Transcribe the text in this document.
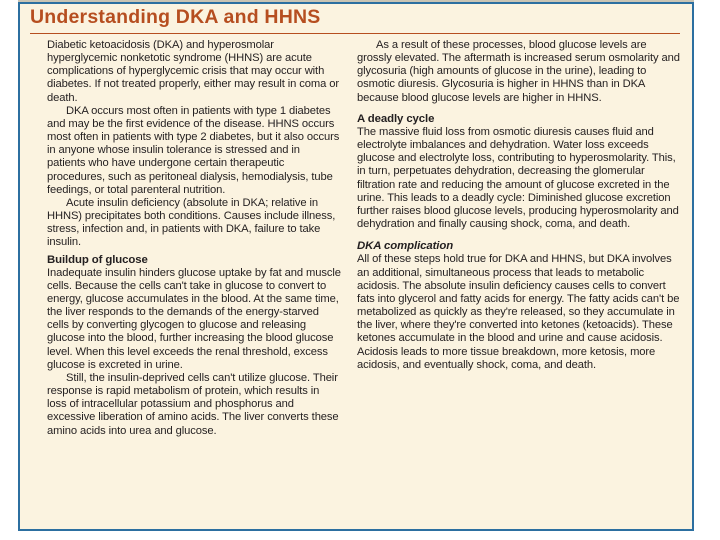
Understanding DKA and HHNS

Diabetic ketoacidosis (DKA) and hyperosmolar hyperglycemic nonketotic syndrome (HHNS) are acute complications of hyperglycemic crisis that may occur with diabetes. If not treated properly, either may result in coma or death.

DKA occurs most often in patients with type 1 diabetes and may be the first evidence of the disease. HHNS occurs most often in patients with type 2 diabetes, but it also occurs in anyone whose insulin tolerance is stressed and in patients who have undergone certain therapeutic procedures, such as peritoneal dialysis, hemodialysis, tube feedings, or total parenteral nutrition.

Acute insulin deficiency (absolute in DKA; relative in HHNS) precipitates both conditions. Causes include illness, stress, infection and, in patients with DKA, failure to take insulin.

Buildup of glucose

Inadequate insulin hinders glucose uptake by fat and muscle cells. Because the cells can't take in glucose to convert to energy, glucose accumulates in the blood. At the same time, the liver responds to the demands of the energy-starved cells by converting glycogen to glucose and releasing glucose into the blood, further increasing the blood glucose level. When this level exceeds the renal threshold, excess glucose is excreted in urine.

Still, the insulin-deprived cells can't utilize glucose. Their response is rapid metabolism of protein, which results in loss of intracellular potassium and phosphorus and excessive liberation of amino acids. The liver converts these amino acids into urea and glucose.

As a result of these processes, blood glucose levels are grossly elevated. The aftermath is increased serum osmolarity and glycosuria (high amounts of glucose in the urine), leading to osmotic diuresis. Glycosuria is higher in HHNS than in DKA because blood glucose levels are higher in HHNS.

A deadly cycle

The massive fluid loss from osmotic diuresis causes fluid and electrolyte imbalances and dehydration. Water loss exceeds glucose and electrolyte loss, contributing to hyperosmolarity. This, in turn, perpetuates dehydration, decreasing the glomerular filtration rate and reducing the amount of glucose excreted in the urine. This leads to a deadly cycle: Diminished glucose excretion further raises blood glucose levels, producing hyperosmolarity and dehydration and finally causing shock, coma, and death.

DKA complication

All of these steps hold true for DKA and HHNS, but DKA involves an additional, simultaneous process that leads to metabolic acidosis. The absolute insulin deficiency causes cells to convert fats into glycerol and fatty acids for energy. The fatty acids can't be metabolized as quickly as they're released, so they accumulate in the liver, where they're converted into ketones (ketoacids). These ketones accumulate in the blood and urine and cause acidosis. Acidosis leads to more tissue breakdown, more ketosis, more acidosis, and eventually shock, coma, and death.
